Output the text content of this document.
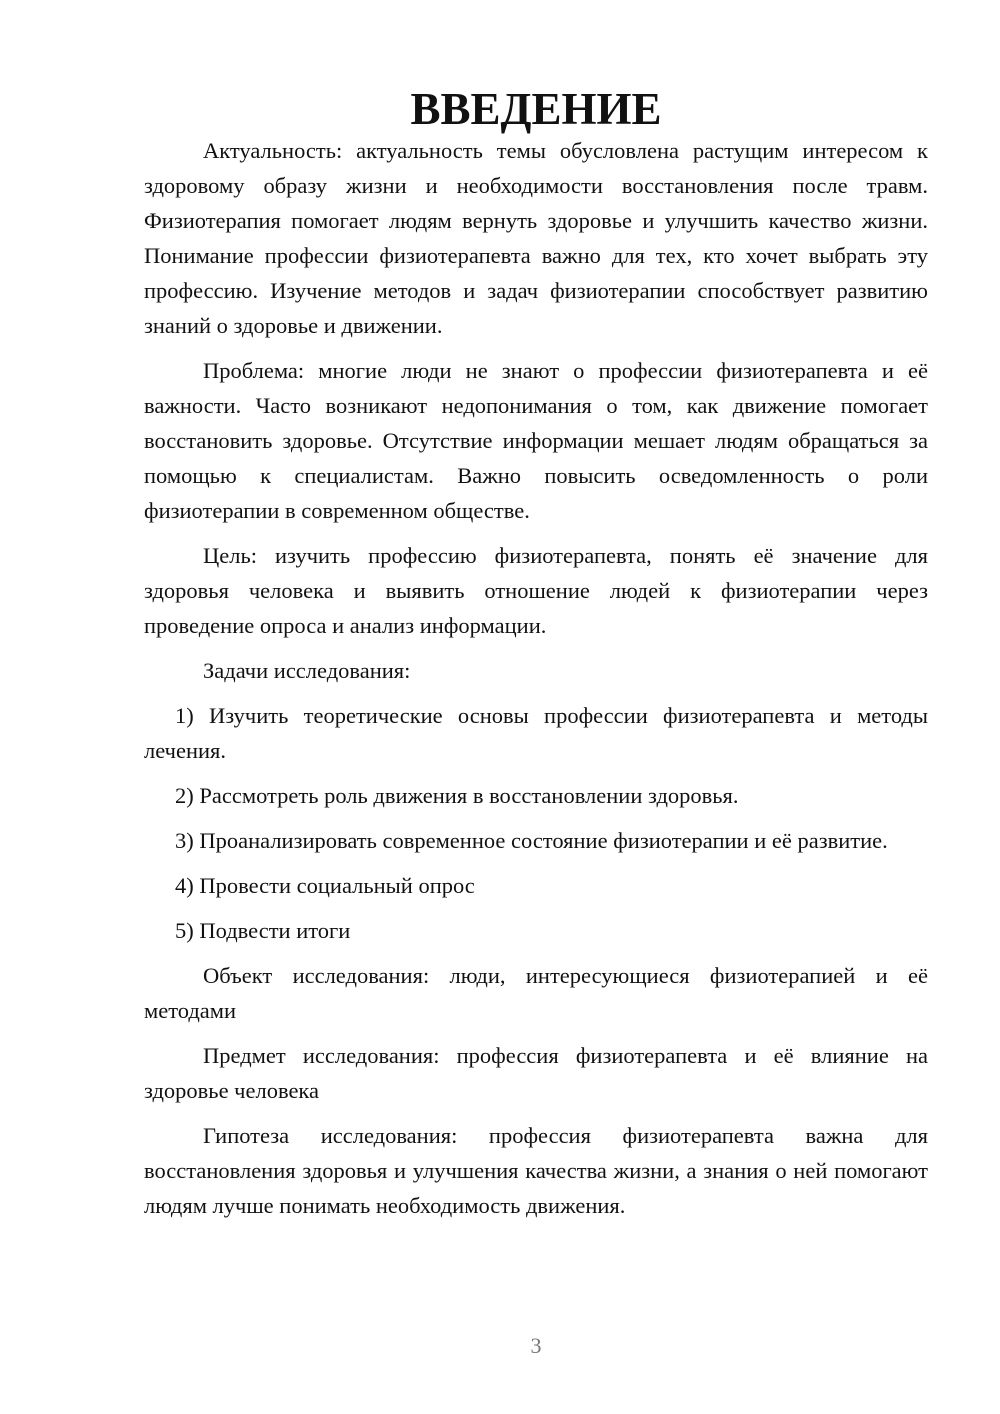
ВВЕДЕНИЕ

Актуальность: актуальность темы обусловлена растущим интересом к здоровому образу жизни и необходимости восстановления после травм. Физиотерапия помогает людям вернуть здоровье и улучшить качество жизни. Понимание профессии физиотерапевта важно для тех, кто хочет выбрать эту профессию. Изучение методов и задач физиотерапии способствует развитию знаний о здоровье и движении.

Проблема: многие люди не знают о профессии физиотерапевта и её важности. Часто возникают недопонимания о том, как движение помогает восстановить здоровье. Отсутствие информации мешает людям обращаться за помощью к специалистам. Важно повысить осведомленность о роли физиотерапии в современном обществе.

Цель: изучить профессию физиотерапевта, понять её значение для здоровья человека и выявить отношение людей к физиотерапии через проведение опроса и анализ информации.

Задачи исследования:

1) Изучить теоретические основы профессии физиотерапевта и методы лечения.

2) Рассмотреть роль движения в восстановлении здоровья.

3) Проанализировать современное состояние физиотерапии и её развитие.

4) Провести социальный опрос

5) Подвести итоги

Объект исследования: люди, интересующиеся физиотерапией и её методами

Предмет исследования: профессия физиотерапевта и её влияние на здоровье человека

Гипотеза исследования: профессия физиотерапевта важна для восстановления здоровья и улучшения качества жизни, а знания о ней помогают людям лучше понимать необходимость движения.

3
